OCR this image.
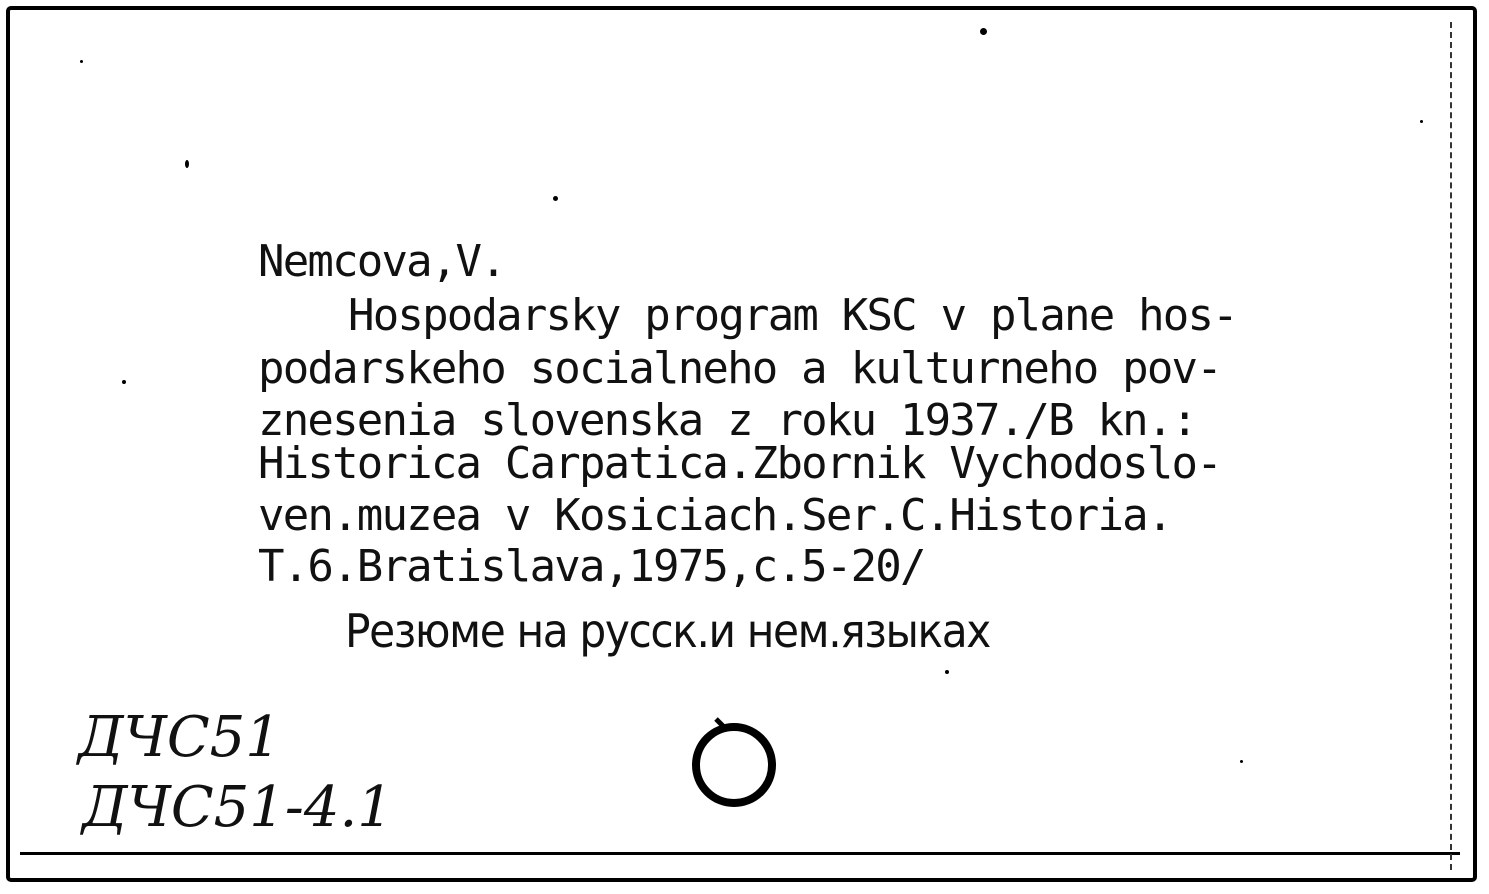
Nemcova,V.
Hospodarsky program KSC v plane hos-
podarskeho socialneho a kulturneho pov-
znesenia slovenska z roku 1937./B kn.:
Historica Carpatica.Zbornik Vychodoslo-
ven.muzea v Kosiciach.Ser.C.Historia.
T.6.Bratislava,1975,c.5-20/
Резюме на русск.и нем.языках
ДЧС51
ДЧС51-4.1
